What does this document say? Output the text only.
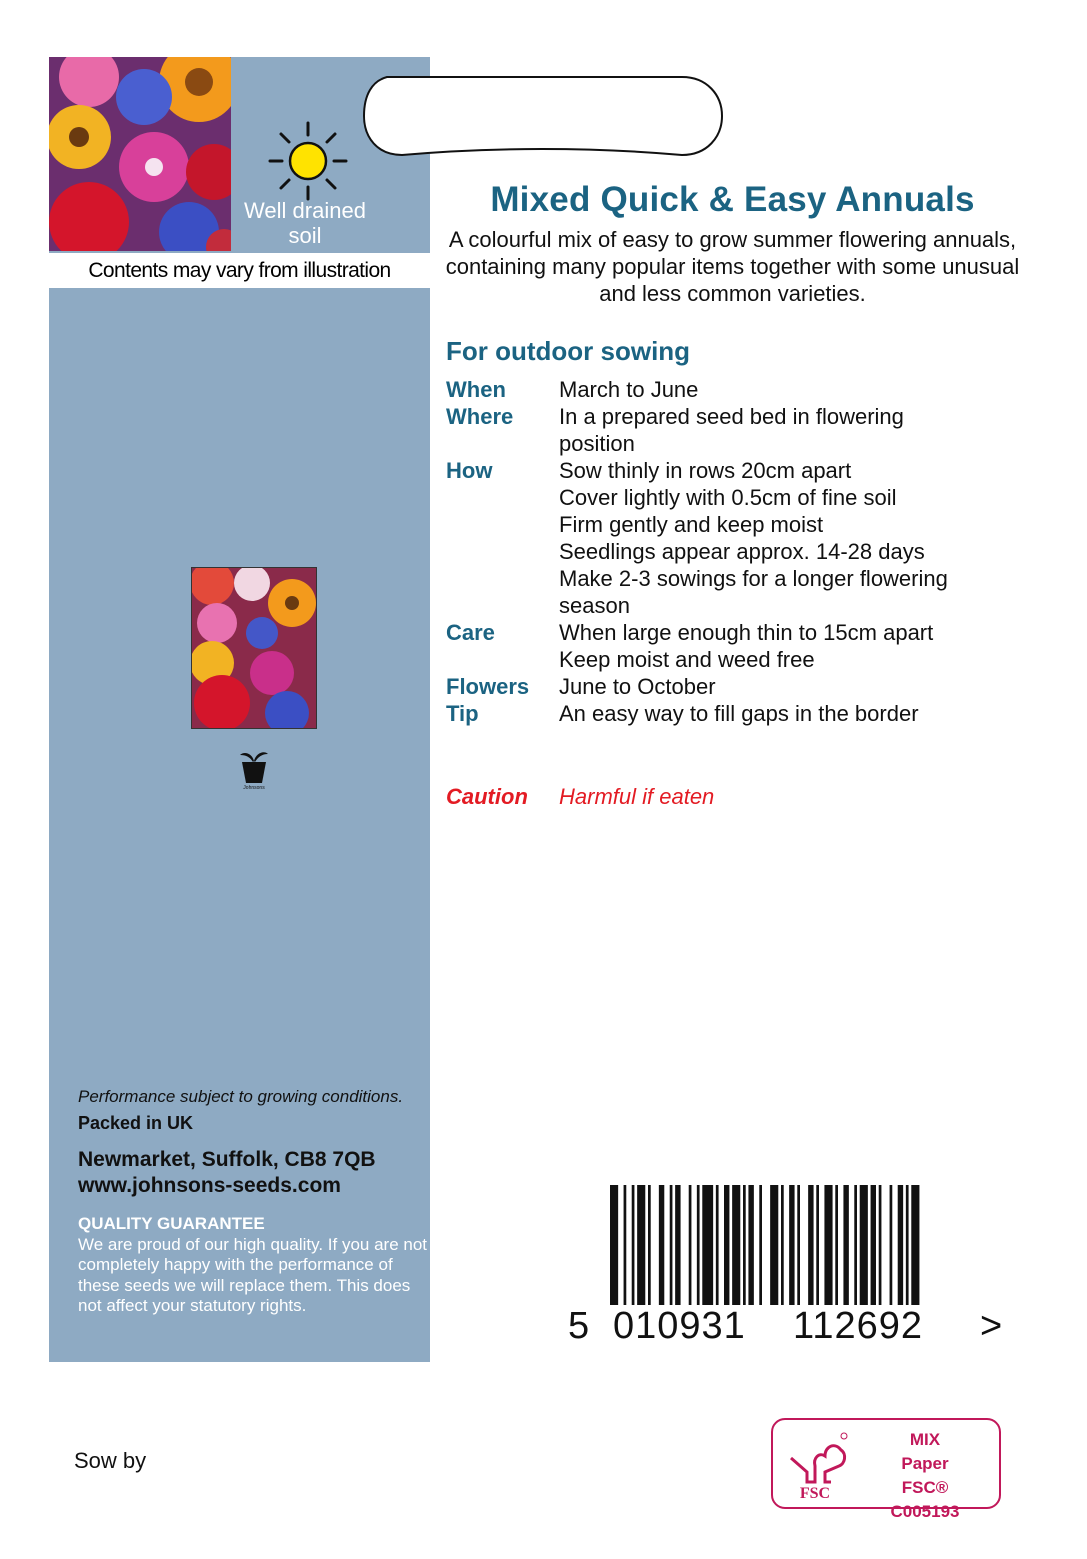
Well drained soil
Contents may vary from illustration
Johnsons
Performance subject to growing conditions.
Packed in UK
Newmarket, Suffolk, CB8 7QB
www.johnsons-seeds.com
QUALITY GUARANTEE
We are proud of our high quality. If you are not completely happy with the performance of these seeds we will replace them. This does not affect your statutory rights.
Mixed Quick & Easy Annuals
A colourful mix of easy to grow summer flowering annuals, containing many popular items together with some unusual and less common varieties.
For outdoor sowing
When	March to June
Where	In a prepared seed bed in flowering
position
How	Sow thinly in rows 20cm apart
Cover lightly with 0.5cm of fine soil
Firm gently and keep moist
Seedlings appear approx. 14-28 days
Make 2-3 sowings for a longer flowering
season
Care	When large enough thin to 15cm apart
Keep moist and weed free
Flowers	June to October
Tip	An easy way to fill gaps in the border
Caution	Harmful if eaten
5 010931 112692 >
Sow by
FSC
MIX
Paper
FSC® C005193
